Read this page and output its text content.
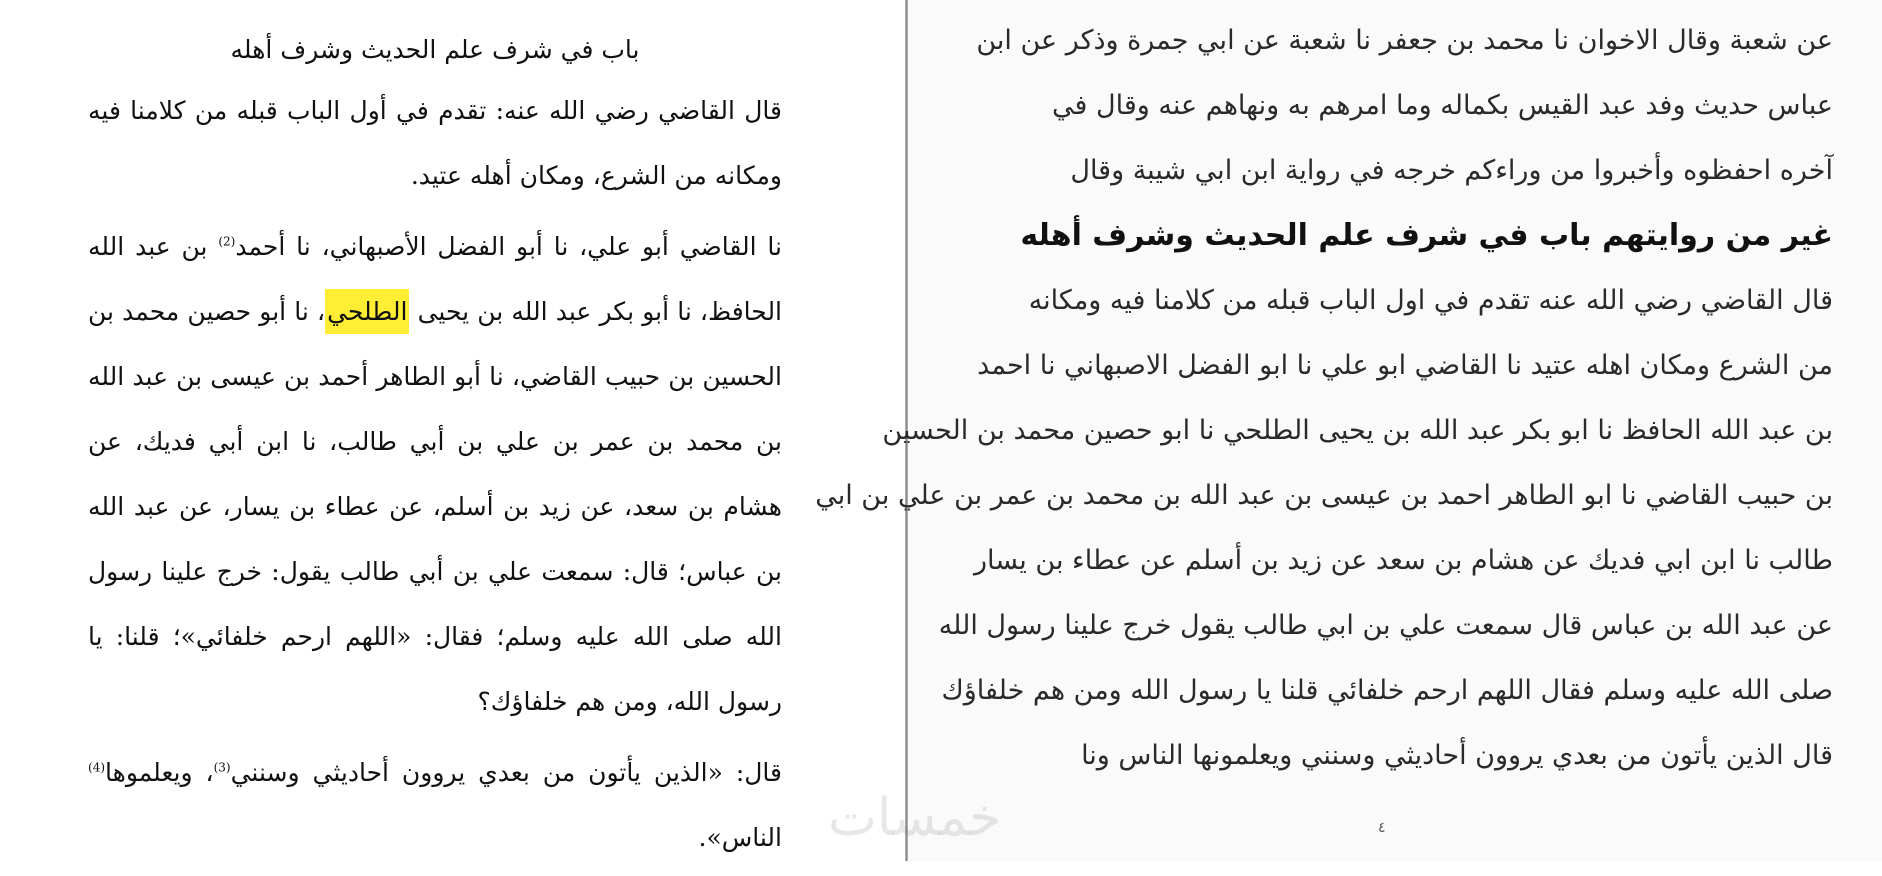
باب في شرف علم الحديث وشرف أهله

قال القاضي رضي الله عنه: تقدم في أول الباب قبله من كلامنا فيه ومكانه من الشرع، ومكان أهله عتيد.

نا القاضي أبو علي، نا أبو الفضل الأصبهاني، نا أحمد$^{(2)}$ بن عبد الله الحافظ، نا أبو بكر عبد الله بن يحيى الطلحي، نا أبو حصين محمد بن الحسين بن حبيب القاضي، نا أبو الطاهر أحمد بن عيسى بن عبد الله بن محمد بن عمر بن علي بن أبي طالب، نا ابن أبي فديك، عن هشام بن سعد، عن زيد بن أسلم، عن عطاء بن يسار، عن عبد الله بن عباس؛ قال: سمعت علي بن أبي طالب يقول: خرج علينا رسول الله صلى الله عليه وسلم؛ فقال: «اللهم ارحم خلفائي»؛ قلنا: يا رسول الله، ومن هم خلفاؤك؟

قال: «الذين يأتون من بعدي يروون أحاديثي وسنني$^{(3)}$، ويعلموها$^{(4)}$ الناس».

عن شعبة وقال الاخوان نا محمد بن جعفر نا شعبة عن ابي جمرة وذكر عن ابن
عباس حديث وفد عبد القيس بكماله وما امرهم به ونهاهم عنه وقال في
آخره احفظوه وأخبروا من وراءكم خرجه في رواية ابن ابي شيبة وقال
غير من روايتهم باب في شرف علم الحديث وشرف أهله
قال القاضي رضي الله عنه تقدم في اول الباب قبله من كلامنا فيه ومكانه
من الشرع ومكان اهله عتيد نا القاضي ابو علي نا ابو الفضل الاصبهاني نا احمد
بن عبد الله الحافظ نا ابو بكر عبد الله بن يحيى الطلحي نا ابو حصين محمد بن الحسين
بن حبيب القاضي نا ابو الطاهر احمد بن عيسى بن عبد الله بن محمد بن عمر بن علي بن ابي
طالب نا ابن ابي فديك عن هشام بن سعد عن زيد بن أسلم عن عطاء بن يسار
عن عبد الله بن عباس قال سمعت علي بن ابي طالب يقول خرج علينا رسول الله
صلى الله عليه وسلم فقال اللهم ارحم خلفائي قلنا يا رسول الله ومن هم خلفاؤك
قال الذين يأتون من بعدي يروون أحاديثي وسنني ويعلمونها الناس ونا
٤
خمسات
